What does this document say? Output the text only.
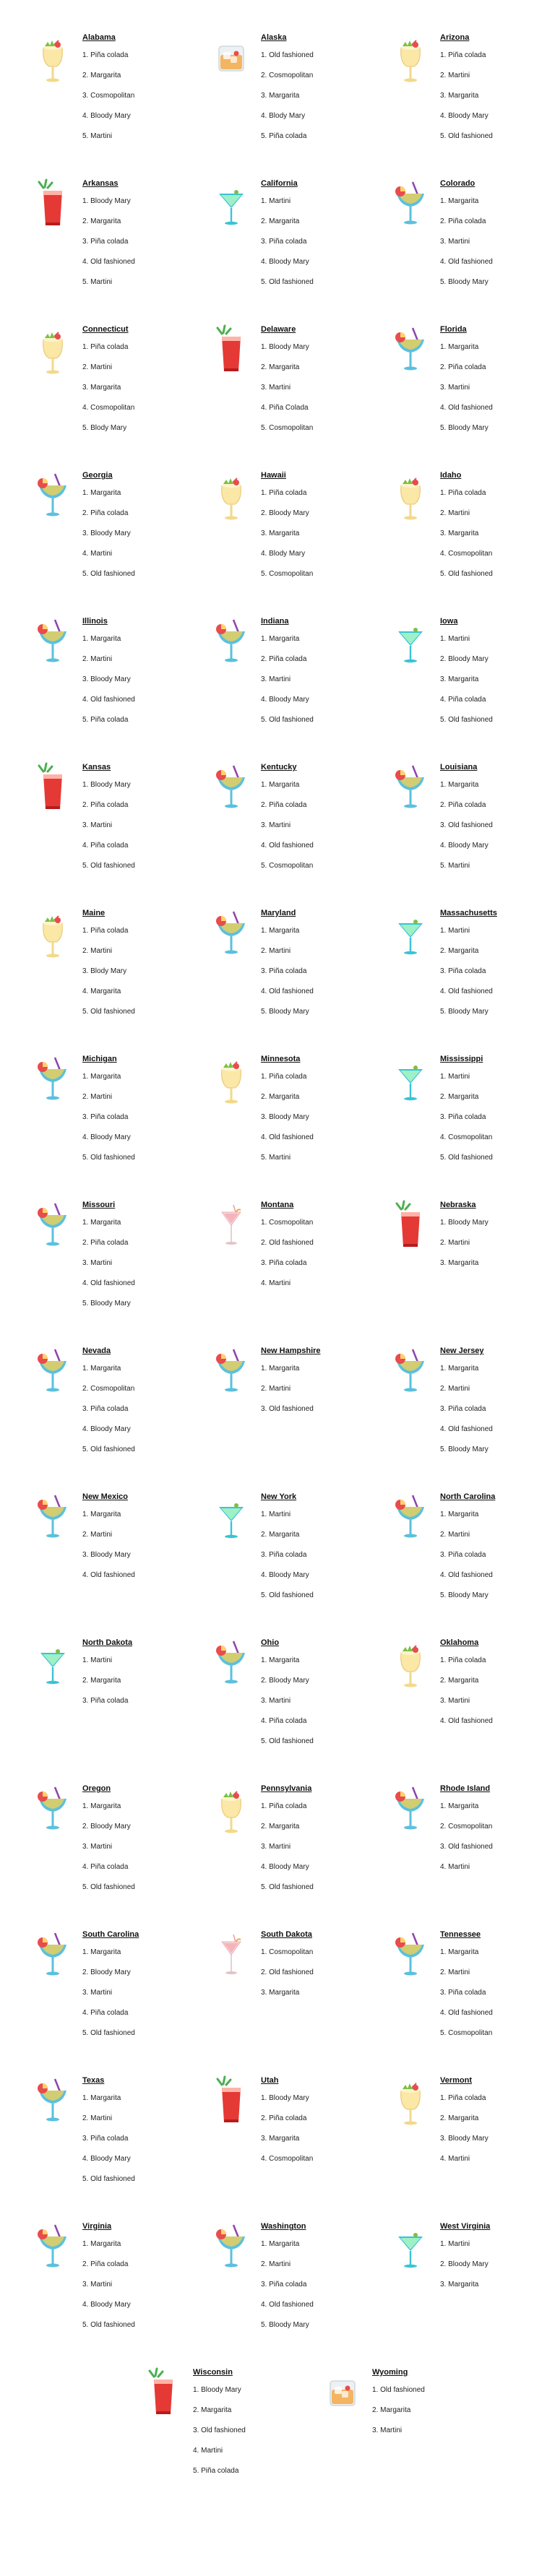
Alabama
1. Piña colada
2. Margarita
3. Cosmopolitan
4. Bloody Mary
5. Martini
Alaska
1. Old fashioned
2. Cosmopolitan
3. Margarita
4. Blody Mary
5. Piña colada
Arizona
1. Piña colada
2. Martini
3. Margarita
4. Bloody Mary
5. Old fashioned
Arkansas
1. Bloody Mary
2. Margarita
3. Piña colada
4. Old fashioned
5. Martini
California
1. Martini
2. Margarita
3. Piña colada
4. Bloody Mary
5. Old fashioned
Colorado
1. Margarita
2. Piña colada
3. Martini
4. Old fashioned
5. Bloody Mary
Connecticut
1. Piña colada
2. Martini
3. Margarita
4. Cosmopolitan
5. Blody Mary
Delaware
1. Bloody Mary
2. Margarita
3. Martini
4. Piña Colada
5. Cosmopolitan
Florida
1. Margarita
2. Piña colada
3. Martini
4. Old fashioned
5. Bloody Mary
Georgia
1. Margarita
2. Piña colada
3. Bloody Mary
4. Martini
5. Old fashioned
Hawaii
1. Piña colada
2. Bloody Mary
3. Margarita
4. Blody Mary
5. Cosmopolitan
Idaho
1. Piña colada
2. Martini
3. Margarita
4. Cosmopolitan
5. Old fashioned
Illinois
1. Margarita
2. Martini
3. Bloody Mary
4. Old fashioned
5. Piña colada
Indiana
1. Margarita
2. Piña colada
3. Martini
4. Bloody Mary
5. Old fashioned
Iowa
1. Martini
2. Bloody Mary
3. Margarita
4. Piña colada
5. Old fashioned
Kansas
1. Bloody Mary
2. Piña colada
3. Martini
4. Piña colada
5. Old fashioned
Kentucky
1. Margarita
2. Piña colada
3. Martini
4. Old fashioned
5. Cosmopolitan
Louisiana
1. Margarita
2. Piña colada
3. Old fashioned
4. Bloody Mary
5. Martini
Maine
1. Piña colada
2. Martini
3. Blody Mary
4. Margarita
5. Old fashioned
Maryland
1. Margarita
2. Martini
3. Piña colada
4. Old fashioned
5. Bloody Mary
Massachusetts
1. Martini
2. Margarita
3. Piña colada
4. Old fashioned
5. Bloody Mary
Michigan
1. Margarita
2. Martini
3. Piña colada
4. Bloody Mary
5. Old fashioned
Minnesota
1. Piña colada
2. Margarita
3. Bloody Mary
4. Old fashioned
5. Martini
Mississippi
1. Martini
2. Margarita
3. Piña colada
4. Cosmopolitan
5. Old fashioned
Missouri
1. Margarita
2. Piña colada
3. Martini
4. Old fashioned
5. Bloody Mary
Montana
1. Cosmopolitan
2. Old fashioned
3. Piña colada
4. Martini
Nebraska
1. Bloody Mary
2. Martini
3. Margarita
Nevada
1. Margarita
2. Cosmopolitan
3. Piña colada
4. Bloody Mary
5. Old fashioned
New Hampshire
1. Margarita
2. Martini
3. Old fashioned
New Jersey
1. Margarita
2. Martini
3. Piña colada
4. Old fashioned
5. Bloody Mary
New Mexico
1. Margarita
2. Martini
3. Bloody Mary
4. Old fashioned
New York
1. Martini
2. Margarita
3. Piña colada
4. Bloody Mary
5. Old fashioned
North Carolina
1. Margarita
2. Martini
3. Piña colada
4. Old fashioned
5. Bloody Mary
North Dakota
1. Martini
2. Margarita
3. Piña colada
Ohio
1. Margarita
2. Bloody Mary
3. Martini
4. Piña colada
5. Old fashioned
Oklahoma
1. Piña colada
2. Margarita
3. Martini
4. Old fashioned
Oregon
1. Margarita
2. Bloody Mary
3. Martini
4. Piña colada
5. Old fashioned
Pennsylvania
1. Piña colada
2. Margarita
3. Martini
4. Bloody Mary
5. Old fashioned
Rhode Island
1. Margarita
2. Cosmopolitan
3. Old fashioned
4. Martini
South Carolina
1. Margarita
2. Bloody Mary
3. Martini
4. Piña colada
5. Old fashioned
South Dakota
1. Cosmopolitan
2. Old fashioned
3. Margarita
Tennessee
1. Margarita
2. Martini
3. Piña colada
4. Old fashioned
5. Cosmopolitan
Texas
1. Margarita
2. Martini
3. Piña colada
4. Bloody Mary
5. Old fashioned
Utah
1. Bloody Mary
2. Piña colada
3. Margarita
4. Cosmopolitan
Vermont
1. Piña colada
2. Margarita
3. Bloody Mary
4. Martini
Virginia
1. Margarita
2. Piña colada
3. Martini
4. Bloody Mary
5. Old fashioned
Washington
1. Margarita
2. Martini
3. Piña colada
4. Old fashioned
5. Bloody Mary
West Virginia
1. Martini
2. Bloody Mary
3. Margarita
Wisconsin
1. Bloody Mary
2. Margarita
3. Old fashioned
4. Martini
5. Piña colada
Wyoming
1. Old fashioned
2. Margarita
3. Martini
